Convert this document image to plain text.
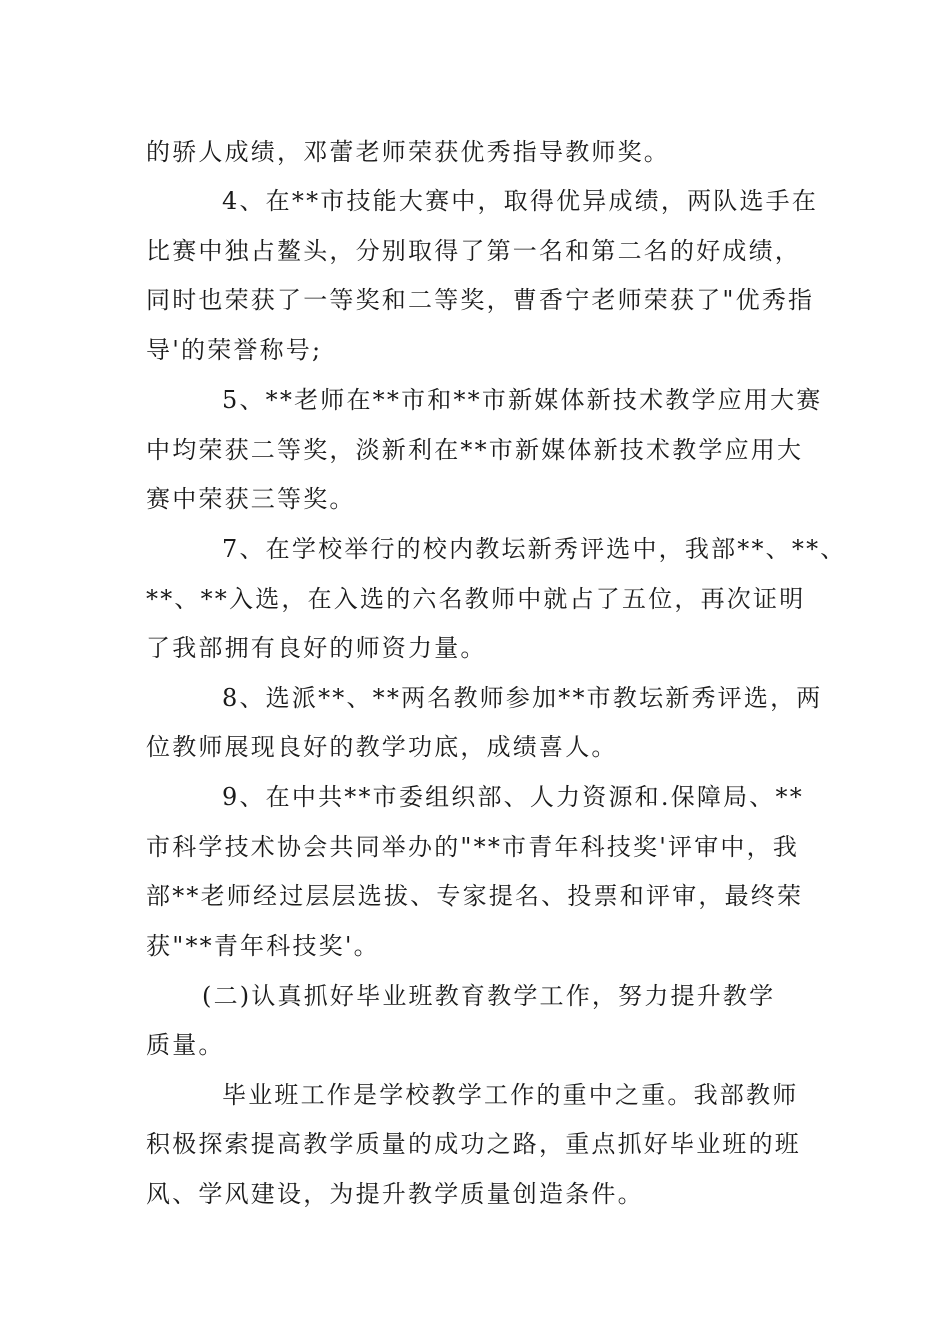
的骄人成绩，邓蕾老师荣获优秀指导教师奖。
4、在**市技能大赛中，取得优异成绩，两队选手在
比赛中独占鳌头，分别取得了第一名和第二名的好成绩，
同时也荣获了一等奖和二等奖，曹香宁老师荣获了"优秀指
导'的荣誉称号;
5、**老师在**市和**市新媒体新技术教学应用大赛
中均荣获二等奖，淡新利在**市新媒体新技术教学应用大
赛中荣获三等奖。
7、在学校举行的校内教坛新秀评选中，我部**、**、
**、**入选，在入选的六名教师中就占了五位，再次证明
了我部拥有良好的师资力量。
8、选派**、**两名教师参加**市教坛新秀评选，两
位教师展现良好的教学功底，成绩喜人。
9、在中共**市委组织部、人力资源和.保障局、**
市科学技术协会共同举办的"**市青年科技奖'评审中，我
部**老师经过层层选拔、专家提名、投票和评审，最终荣
获"**青年科技奖'。
(二)认真抓好毕业班教育教学工作，努力提升教学
质量。
毕业班工作是学校教学工作的重中之重。我部教师
积极探索提高教学质量的成功之路，重点抓好毕业班的班
风、学风建设，为提升教学质量创造条件。
